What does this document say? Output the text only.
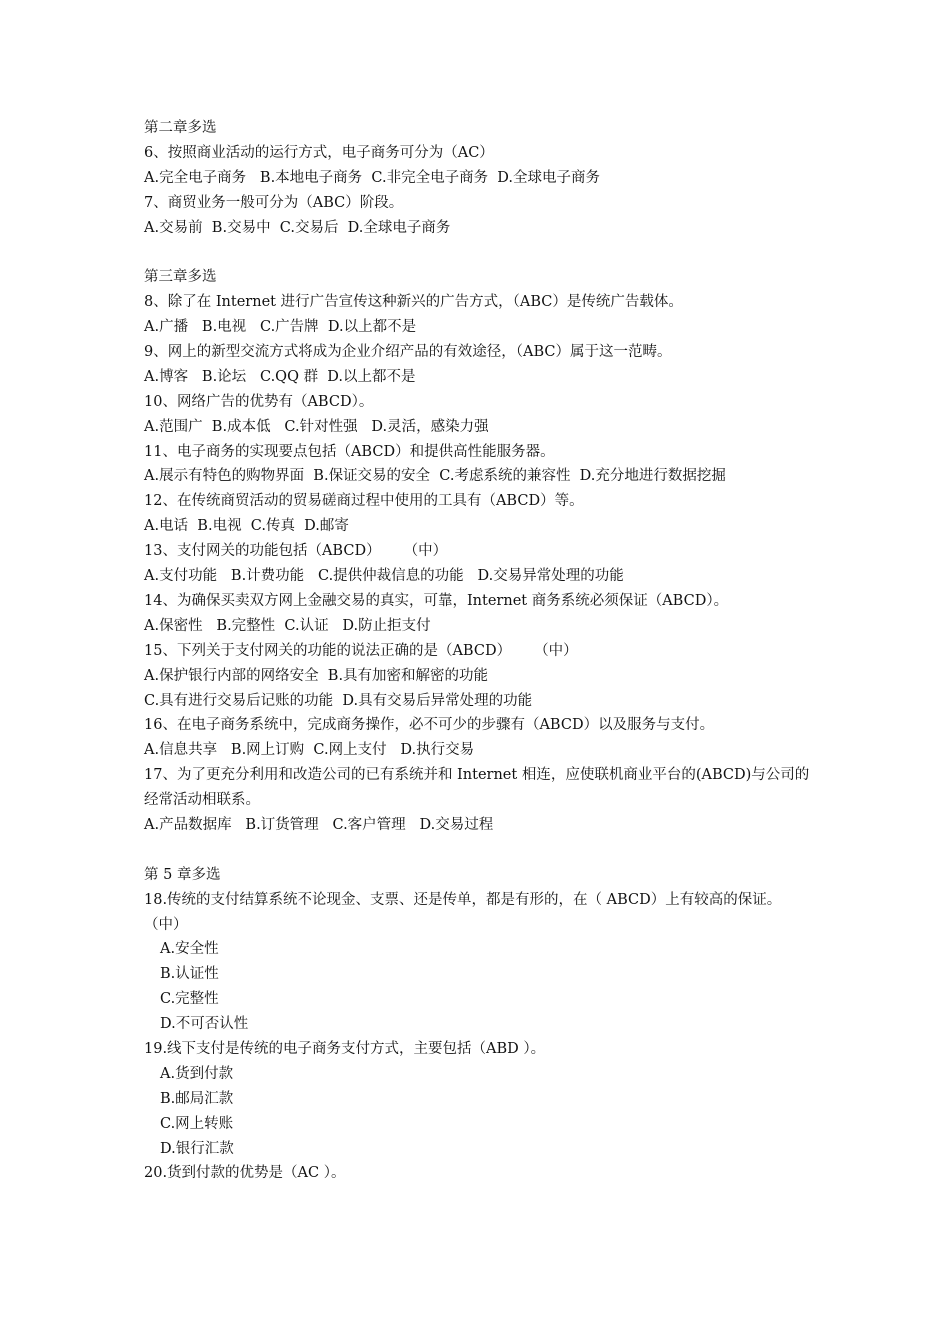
第二章多选
6、按照商业活动的运行方式，电子商务可分为（AC）
A.完全电子商务   B.本地电子商务  C.非完全电子商务  D.全球电子商务
7、商贸业务一般可分为（ABC）阶段。
A.交易前  B.交易中  C.交易后  D.全球电子商务
第三章多选
8、除了在 Internet 进行广告宣传这种新兴的广告方式，（ABC）是传统广告载体。
A.广播   B.电视   C.广告牌  D.以上都不是
9、网上的新型交流方式将成为企业介绍产品的有效途径，（ABC）属于这一范畴。
A.博客   B.论坛   C.QQ 群  D.以上都不是
10、网络广告的优势有（ABCD）。
A.范围广  B.成本低   C.针对性强   D.灵活，感染力强
11、电子商务的实现要点包括（ABCD）和提供高性能服务器。
A.展示有特色的购物界面  B.保证交易的安全  C.考虑系统的兼容性  D.充分地进行数据挖掘
12、在传统商贸活动的贸易磋商过程中使用的工具有（ABCD）等。
A.电话  B.电视  C.传真  D.邮寄
13、支付网关的功能包括（ABCD）     （中）
A.支付功能   B.计费功能   C.提供仲裁信息的功能   D.交易异常处理的功能
14、为确保买卖双方网上金融交易的真实，可靠，Internet 商务系统必须保证（ABCD）。
A.保密性   B.完整性  C.认证   D.防止拒支付
15、下列关于支付网关的功能的说法正确的是（ABCD）     （中）
A.保护银行内部的网络安全  B.具有加密和解密的功能
C.具有进行交易后记账的功能  D.具有交易后异常处理的功能
16、在电子商务系统中，完成商务操作，必不可少的步骤有（ABCD）以及服务与支付。
A.信息共享   B.网上订购  C.网上支付   D.执行交易
17、为了更充分利用和改造公司的已有系统并和 Internet 相连，应使联机商业平台的(ABCD)与公司的经常活动相联系。
A.产品数据库   B.订货管理   C.客户管理   D.交易过程
第 5 章多选
18.传统的支付结算系统不论现金、支票、还是传单，都是有形的，在（ ABCD）上有较高的保证。    （中）
A.安全性
B.认证性
C.完整性
D.不可否认性
19.线下支付是传统的电子商务支付方式，主要包括（ABD ）。
A.货到付款
B.邮局汇款
C.网上转账
D.银行汇款
20.货到付款的优势是（AC ）。
